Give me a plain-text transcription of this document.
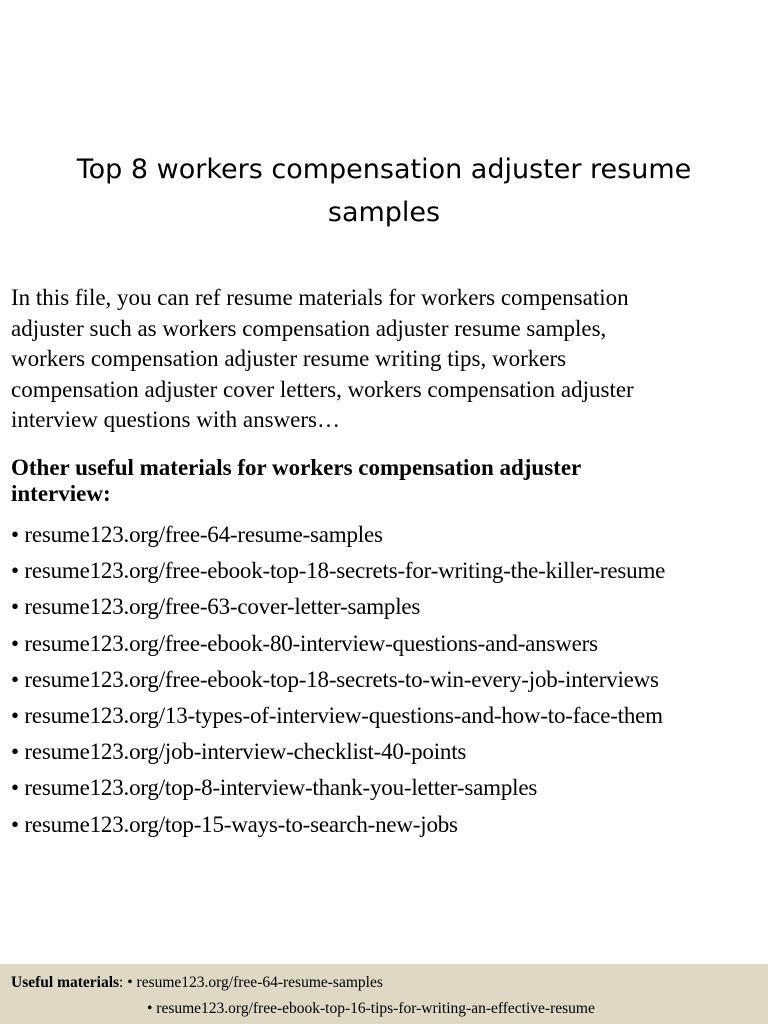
Top 8 workers compensation adjuster resume
samples

In this file, you can ref resume materials for workers compensation
adjuster such as workers compensation adjuster resume samples,
workers compensation adjuster resume writing tips, workers
compensation adjuster cover letters, workers compensation adjuster
interview questions with answers…

Other useful materials for workers compensation adjuster
interview:
• resume123.org/free-64-resume-samples
• resume123.org/free-ebook-top-18-secrets-for-writing-the-killer-resume
• resume123.org/free-63-cover-letter-samples
• resume123.org/free-ebook-80-interview-questions-and-answers
• resume123.org/free-ebook-top-18-secrets-to-win-every-job-interviews
• resume123.org/13-types-of-interview-questions-and-how-to-face-them
• resume123.org/job-interview-checklist-40-points
• resume123.org/top-8-interview-thank-you-letter-samples
• resume123.org/top-15-ways-to-search-new-jobs
Useful materials: • resume123.org/free-64-resume-samples
• resume123.org/free-ebook-top-16-tips-for-writing-an-effective-resume
